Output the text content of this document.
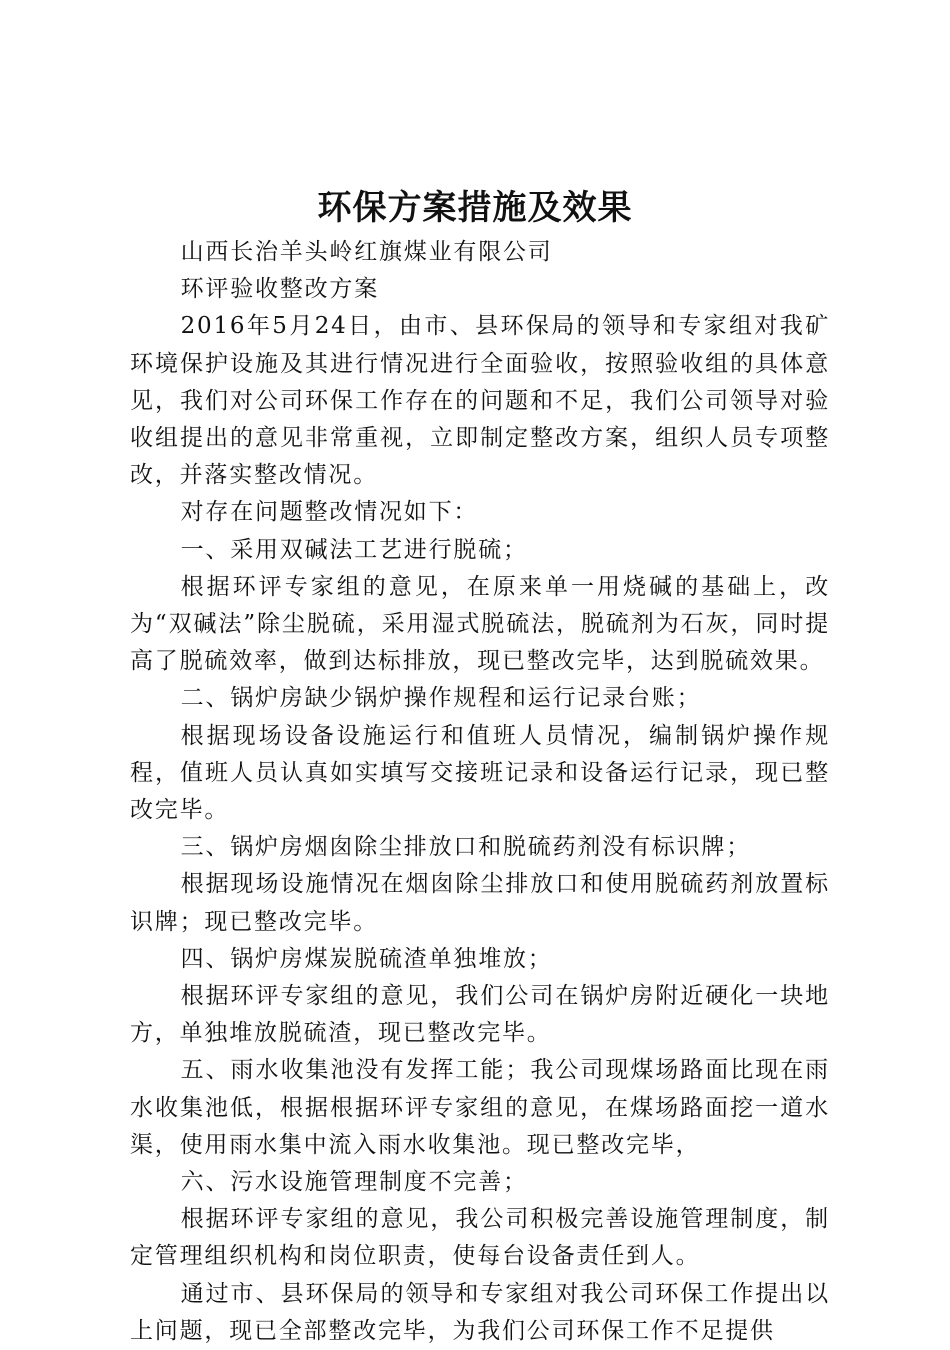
环保方案措施及效果

山西长治羊头岭红旗煤业有限公司

环评验收整改方案

2016年5月24日，由市、县环保局的领导和专家组对我矿环境保护设施及其进行情况进行全面验收，按照验收组的具体意见，我们对公司环保工作存在的问题和不足，我们公司领导对验收组提出的意见非常重视，立即制定整改方案，组织人员专项整改，并落实整改情况。

对存在问题整改情况如下：

一、采用双碱法工艺进行脱硫；

根据环评专家组的意见，在原来单一用烧碱的基础上，改为“双碱法”除尘脱硫，采用湿式脱硫法，脱硫剂为石灰，同时提高了脱硫效率，做到达标排放，现已整改完毕，达到脱硫效果。

二、锅炉房缺少锅炉操作规程和运行记录台账；

根据现场设备设施运行和值班人员情况，编制锅炉操作规程，值班人员认真如实填写交接班记录和设备运行记录，现已整改完毕。

三、锅炉房烟囱除尘排放口和脱硫药剂没有标识牌；

根据现场设施情况在烟囱除尘排放口和使用脱硫药剂放置标识牌；现已整改完毕。

四、锅炉房煤炭脱硫渣单独堆放；

根据环评专家组的意见，我们公司在锅炉房附近硬化一块地方，单独堆放脱硫渣，现已整改完毕。

五、雨水收集池没有发挥工能；我公司现煤场路面比现在雨水收集池低，根据根据环评专家组的意见，在煤场路面挖一道水渠，使用雨水集中流入雨水收集池。现已整改完毕，

六、污水设施管理制度不完善；

根据环评专家组的意见，我公司积极完善设施管理制度，制定管理组织机构和岗位职责，使每台设备责任到人。

通过市、县环保局的领导和专家组对我公司环保工作提出以上问题，现已全部整改完毕，为我们公司环保工作不足提供
